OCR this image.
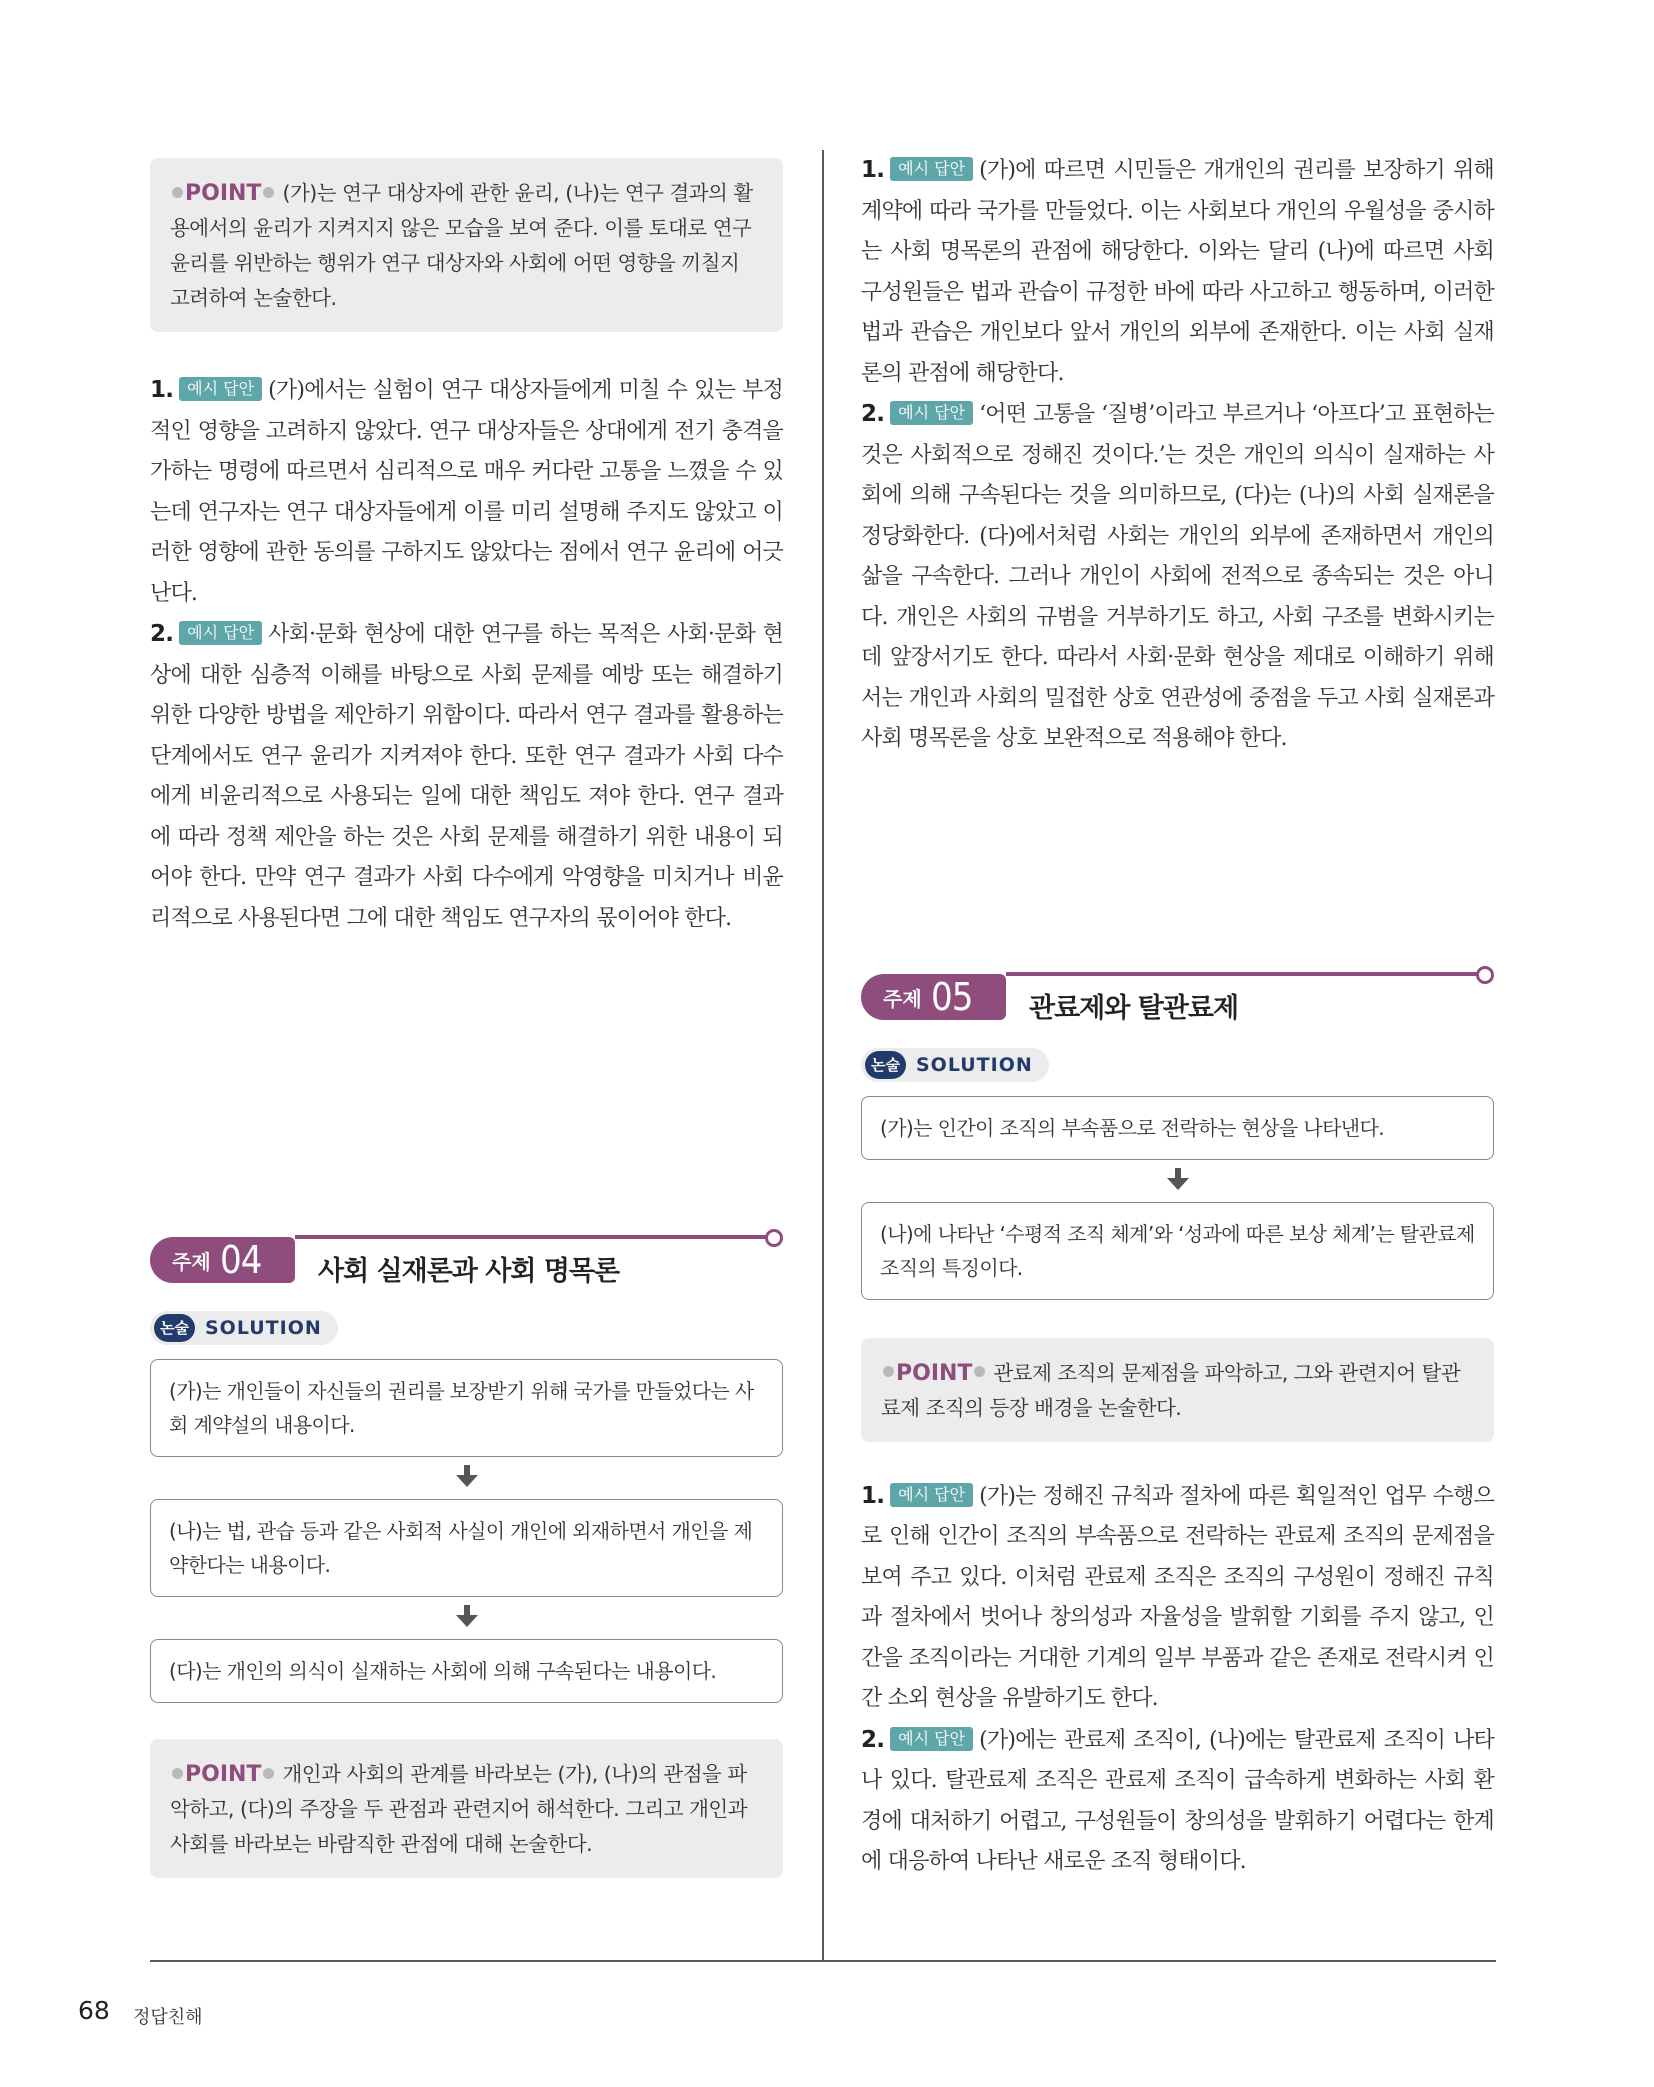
POINT (가)는 연구 대상자에 관한 윤리, (나)는 연구 결과의 활용에서의 윤리가 지켜지지 않은 모습을 보여 준다. 이를 토대로 연구 윤리를 위반하는 행위가 연구 대상자와 사회에 어떤 영향을 끼칠지 고려하여 논술한다.

1. 예시 답안 (가)에서는 실험이 연구 대상자들에게 미칠 수 있는 부정적인 영향을 고려하지 않았다. 연구 대상자들은 상대에게 전기 충격을 가하는 명령에 따르면서 심리적으로 매우 커다란 고통을 느꼈을 수 있는데 연구자는 연구 대상자들에게 이를 미리 설명해 주지도 않았고 이러한 영향에 관한 동의를 구하지도 않았다는 점에서 연구 윤리에 어긋난다.

2. 예시 답안 사회·문화 현상에 대한 연구를 하는 목적은 사회·문화 현상에 대한 심층적 이해를 바탕으로 사회 문제를 예방 또는 해결하기 위한 다양한 방법을 제안하기 위함이다. 따라서 연구 결과를 활용하는 단계에서도 연구 윤리가 지켜져야 한다. 또한 연구 결과가 사회 다수에게 비윤리적으로 사용되는 일에 대한 책임도 져야 한다. 연구 결과에 따라 정책 제안을 하는 것은 사회 문제를 해결하기 위한 내용이 되어야 한다. 만약 연구 결과가 사회 다수에게 악영향을 미치거나 비윤리적으로 사용된다면 그에 대한 책임도 연구자의 몫이어야 한다.

주제 04 사회 실재론과 사회 명목론
논술 SOLUTION
(가)는 개인들이 자신들의 권리를 보장받기 위해 국가를 만들었다는 사회 계약설의 내용이다.
(나)는 법, 관습 등과 같은 사회적 사실이 개인에 외재하면서 개인을 제약한다는 내용이다.
(다)는 개인의 의식이 실재하는 사회에 의해 구속된다는 내용이다.
POINT 개인과 사회의 관계를 바라보는 (가), (나)의 관점을 파악하고, (다)의 주장을 두 관점과 관련지어 해석한다. 그리고 개인과 사회를 바라보는 바람직한 관점에 대해 논술한다.

1. 예시 답안 (가)에 따르면 시민들은 개개인의 권리를 보장하기 위해 계약에 따라 국가를 만들었다. 이는 사회보다 개인의 우월성을 중시하는 사회 명목론의 관점에 해당한다. 이와는 달리 (나)에 따르면 사회 구성원들은 법과 관습이 규정한 바에 따라 사고하고 행동하며, 이러한 법과 관습은 개인보다 앞서 개인의 외부에 존재한다. 이는 사회 실재론의 관점에 해당한다.

2. 예시 답안 ‘어떤 고통을 ‘질병’이라고 부르거나 ‘아프다’고 표현하는 것은 사회적으로 정해진 것이다.’는 것은 개인의 의식이 실재하는 사회에 의해 구속된다는 것을 의미하므로, (다)는 (나)의 사회 실재론을 정당화한다. (다)에서처럼 사회는 개인의 외부에 존재하면서 개인의 삶을 구속한다. 그러나 개인이 사회에 전적으로 종속되는 것은 아니다. 개인은 사회의 규범을 거부하기도 하고, 사회 구조를 변화시키는 데 앞장서기도 한다. 따라서 사회·문화 현상을 제대로 이해하기 위해서는 개인과 사회의 밀접한 상호 연관성에 중점을 두고 사회 실재론과 사회 명목론을 상호 보완적으로 적용해야 한다.

주제 05 관료제와 탈관료제
논술 SOLUTION
(가)는 인간이 조직의 부속품으로 전락하는 현상을 나타낸다.
(나)에 나타난 ‘수평적 조직 체계’와 ‘성과에 따른 보상 체계’는 탈관료제 조직의 특징이다.
POINT 관료제 조직의 문제점을 파악하고, 그와 관련지어 탈관료제 조직의 등장 배경을 논술한다.

1. 예시 답안 (가)는 정해진 규칙과 절차에 따른 획일적인 업무 수행으로 인해 인간이 조직의 부속품으로 전락하는 관료제 조직의 문제점을 보여 주고 있다. 이처럼 관료제 조직은 조직의 구성원이 정해진 규칙과 절차에서 벗어나 창의성과 자율성을 발휘할 기회를 주지 않고, 인간을 조직이라는 거대한 기계의 일부 부품과 같은 존재로 전락시켜 인간 소외 현상을 유발하기도 한다.

2. 예시 답안 (가)에는 관료제 조직이, (나)에는 탈관료제 조직이 나타나 있다. 탈관료제 조직은 관료제 조직이 급속하게 변화하는 사회 환경에 대처하기 어렵고, 구성원들이 창의성을 발휘하기 어렵다는 한계에 대응하여 나타난 새로운 조직 형태이다.

68 정답친해
